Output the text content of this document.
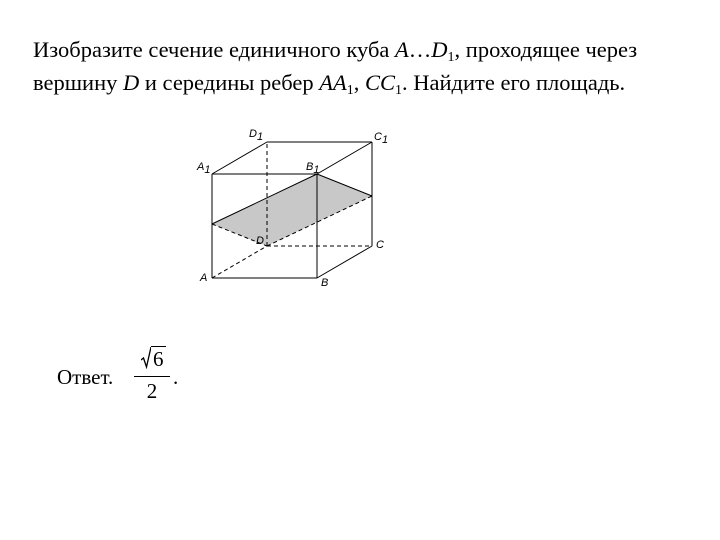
Изобразите сечение единичного куба $A\dots D_1$, проходящее через
вершину D и середины ребер $AA_1$, $CC_1$. Найдите его площадь.
D1	C1
A1	B1
D	C
A	B
Ответ.
6
2
.
